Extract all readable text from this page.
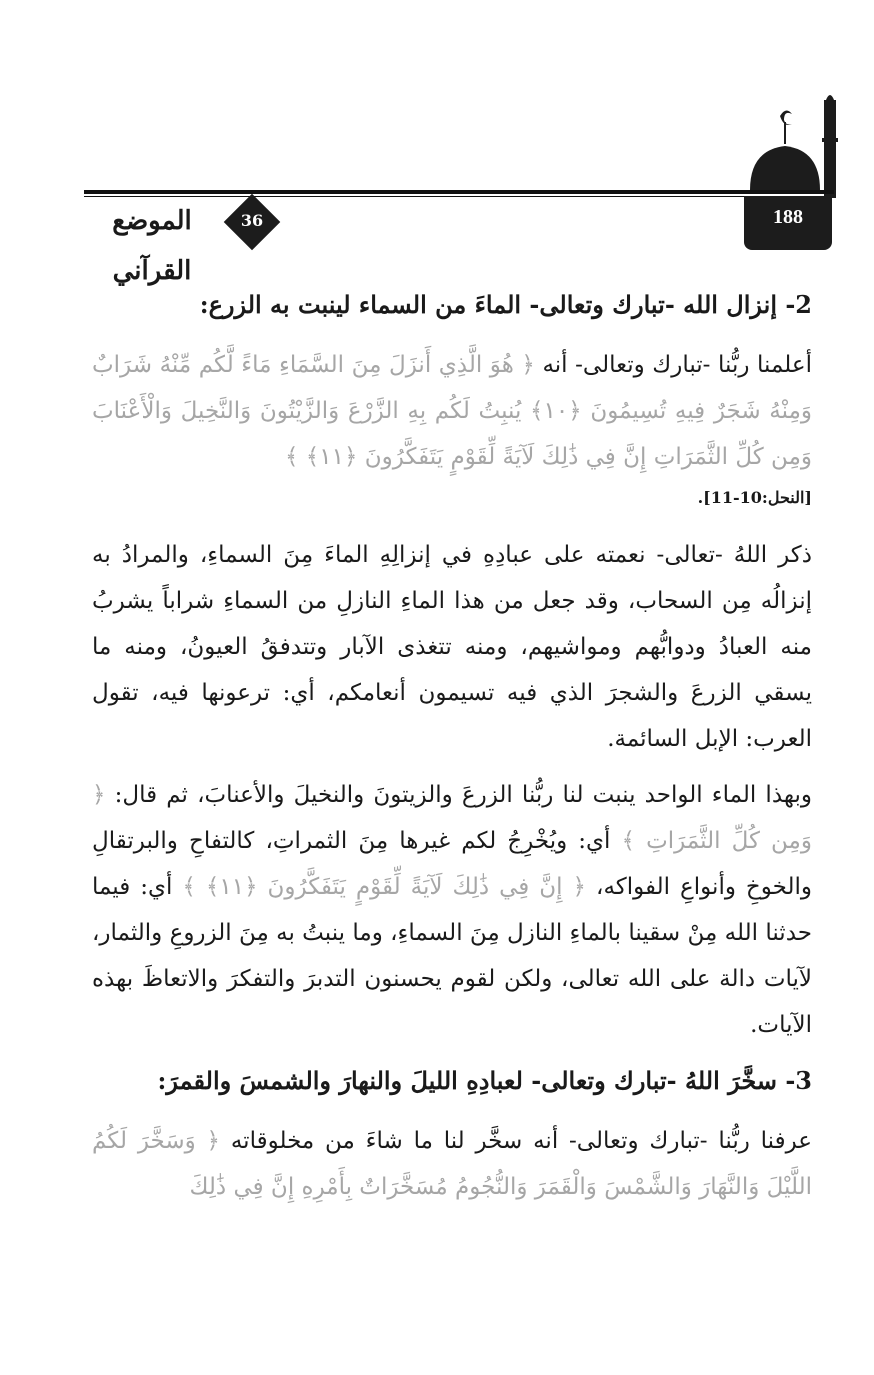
الموضع القرآني
36	188
2- إنزال الله -تبارك وتعالى- الماءَ من السماء لينبت به الزرع:

أعلمنا ربُّنا -تبارك وتعالى- أنه ﴿ هُوَ الَّذِي أَنزَلَ مِنَ السَّمَاءِ مَاءً لَّكُم مِّنْهُ شَرَابٌ وَمِنْهُ شَجَرٌ فِيهِ تُسِيمُونَ ﴿١٠﴾ يُنبِتُ لَكُم بِهِ الزَّرْعَ وَالزَّيْتُونَ وَالنَّخِيلَ وَالْأَعْنَابَ وَمِن كُلِّ الثَّمَرَاتِ إِنَّ فِي ذَٰلِكَ لَآيَةً لِّقَوْمٍ يَتَفَكَّرُونَ ﴿١١﴾ ﴾

[النحل:10-11].

ذكر اللهُ -تعالى- نعمته على عبادِهِ في إنزالِهِ الماءَ مِنَ السماءِ، والمرادُ به إنزالُه مِن السحاب، وقد جعل من هذا الماءِ النازلِ من السماءِ شراباً يشربُ منه العبادُ ودوابُّهم ومواشيهم، ومنه تتغذى الآبار وتتدفقُ العيونُ، ومنه ما يسقي الزرعَ والشجرَ الذي فيه تسيمون أنعامكم، أي: ترعونها فيه، تقول العرب: الإبل السائمة.

وبهذا الماء الواحد ينبت لنا ربُّنا الزرعَ والزيتونَ والنخيلَ والأعنابَ، ثم قال: ﴿ وَمِن كُلِّ الثَّمَرَاتِ ﴾ أي: ويُخْرِجُ لكم غيرها مِنَ الثمراتِ، كالتفاحِ والبرتقالِ والخوخِ وأنواعِ الفواكه، ﴿ إِنَّ فِي ذَٰلِكَ لَآيَةً لِّقَوْمٍ يَتَفَكَّرُونَ ﴿١١﴾ ﴾ أي: فيما حدثنا الله مِنْ سقينا بالماءِ النازل مِنَ السماءِ، وما ينبتُ به مِنَ الزروعِ والثمار، لآيات دالة على الله تعالى، ولكن لقوم يحسنون التدبرَ والتفكرَ والاتعاظَ بهذه الآيات.

3- سخَّرَ اللهُ -تبارك وتعالى- لعبادِهِ الليلَ والنهارَ والشمسَ والقمرَ:

عرفنا ربُّنا -تبارك وتعالى- أنه سخَّر لنا ما شاءَ من مخلوقاته ﴿ وَسَخَّرَ لَكُمُ اللَّيْلَ وَالنَّهَارَ وَالشَّمْسَ وَالْقَمَرَ وَالنُّجُومُ مُسَخَّرَاتٌ بِأَمْرِهِ إِنَّ فِي ذَٰلِكَ
